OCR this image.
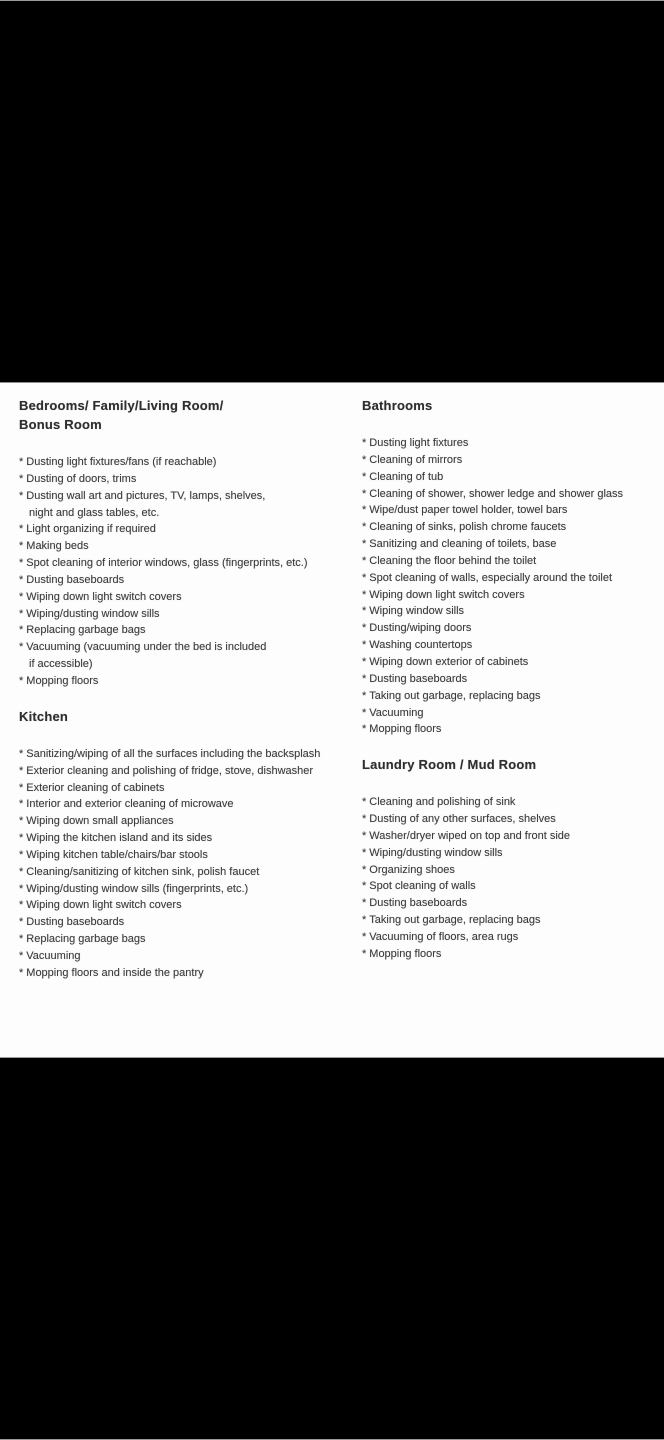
Bedrooms/ Family/Living Room/
Bonus Room
* Dusting light fixtures/fans (if reachable)
* Dusting of doors, trims
* Dusting wall art and pictures, TV, lamps, shelves,
night and glass tables, etc.
* Light organizing if required
* Making beds
* Spot cleaning of interior windows, glass (fingerprints, etc.)
* Dusting baseboards
* Wiping down light switch covers
* Wiping/dusting window sills
* Replacing garbage bags
* Vacuuming (vacuuming under the bed is included
if accessible)
* Mopping floors
Kitchen
* Sanitizing/wiping of all the surfaces including the backsplash
* Exterior cleaning and polishing of fridge, stove, dishwasher
* Exterior cleaning of cabinets
* Interior and exterior cleaning of microwave
* Wiping down small appliances
* Wiping the kitchen island and its sides
* Wiping kitchen table/chairs/bar stools
* Cleaning/sanitizing of kitchen sink, polish faucet
* Wiping/dusting window sills (fingerprints, etc.)
* Wiping down light switch covers
* Dusting baseboards
* Replacing garbage bags
* Vacuuming
* Mopping floors and inside the pantry
Bathrooms
* Dusting light fixtures
* Cleaning of mirrors
* Cleaning of tub
* Cleaning of shower, shower ledge and shower glass
* Wipe/dust paper towel holder, towel bars
* Cleaning of sinks, polish chrome faucets
* Sanitizing and cleaning of toilets, base
* Cleaning the floor behind the toilet
* Spot cleaning of walls, especially around the toilet
* Wiping down light switch covers
* Wiping window sills
* Dusting/wiping doors
* Washing countertops
* Wiping down exterior of cabinets
* Dusting baseboards
* Taking out garbage, replacing bags
* Vacuuming
* Mopping floors
Laundry Room / Mud Room
* Cleaning and polishing of sink
* Dusting of any other surfaces, shelves
* Washer/dryer wiped on top and front side
* Wiping/dusting window sills
* Organizing shoes
* Spot cleaning of walls
* Dusting baseboards
* Taking out garbage, replacing bags
* Vacuuming of floors, area rugs
* Mopping floors
